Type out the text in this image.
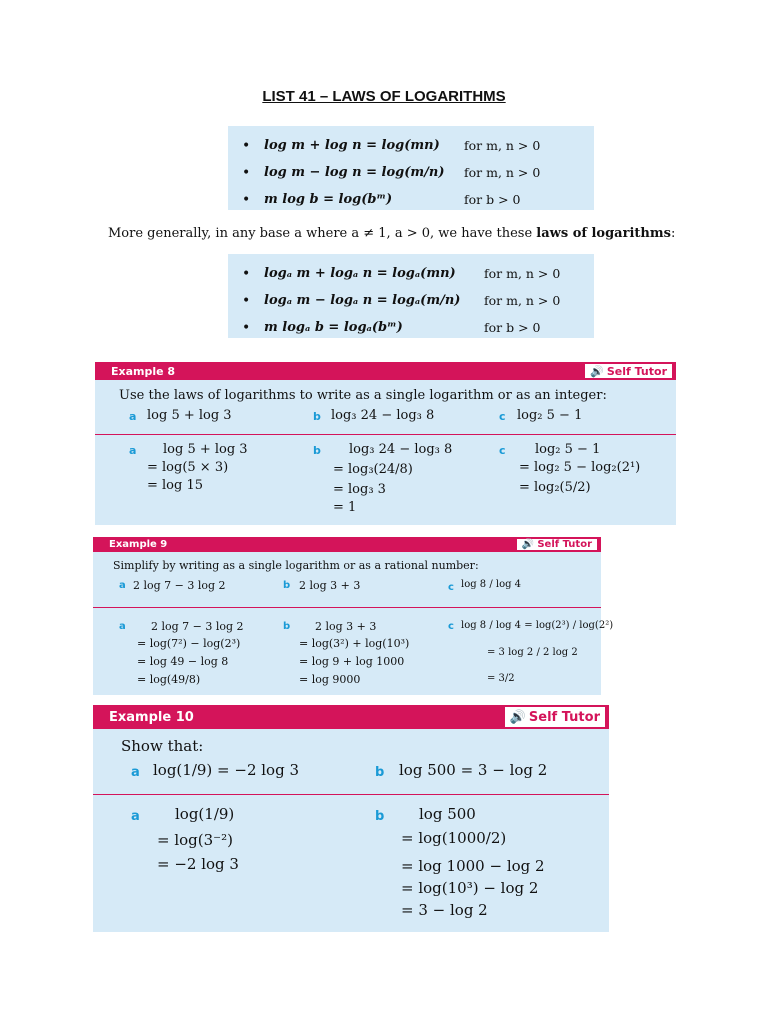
LIST 41 – LAWS OF LOGARITHMS
•	log m + log n = log(mn)	for m, n > 0
•	log m − log n = log(m/n)	for m, n > 0
•	m log b = log(bᵐ)	for b > 0
More generally, in any base a where a ≠ 1, a > 0, we have these laws of logarithms:
•	logₐ m + logₐ n = logₐ(mn)	for m, n > 0
•	logₐ m − logₐ n = logₐ(m/n)	for m, n > 0
•	m logₐ b = logₐ(bᵐ)	for b > 0
Example 8	🔊 Self Tutor
Use the laws of logarithms to write as a single logarithm or as an integer:
a log 5 + log 3	b log₃ 24 − log₃ 8	c log₂ 5 − 1
a log 5 + log 3
= log(5 × 3)
= log 15
b log₃ 24 − log₃ 8
= log₃(24/8)
= log₃ 3
= 1
c log₂ 5 − 1
= log₂ 5 − log₂(2¹)
= log₂(5/2)
Example 9	🔊 Self Tutor
Simplify by writing as a single logarithm or as a rational number:
a 2 log 7 − 3 log 2	b 2 log 3 + 3	c log 8 / log 4
a 2 log 7 − 3 log 2
= log(7²) − log(2³)
= log 49 − log 8
= log(49/8)
b 2 log 3 + 3
= log(3²) + log(10³)
= log 9 + log 1000
= log 9000
c log 8 / log 4 = log(2³) / log(2²)
= 3 log 2 / 2 log 2
= 3/2
Example 10	🔊 Self Tutor
Show that:
a log(1/9) = −2 log 3	b log 500 = 3 − log 2
a log(1/9)
= log(3⁻²)
= −2 log 3
b log 500
= log(1000/2)
= log 1000 − log 2
= log(10³) − log 2
= 3 − log 2
